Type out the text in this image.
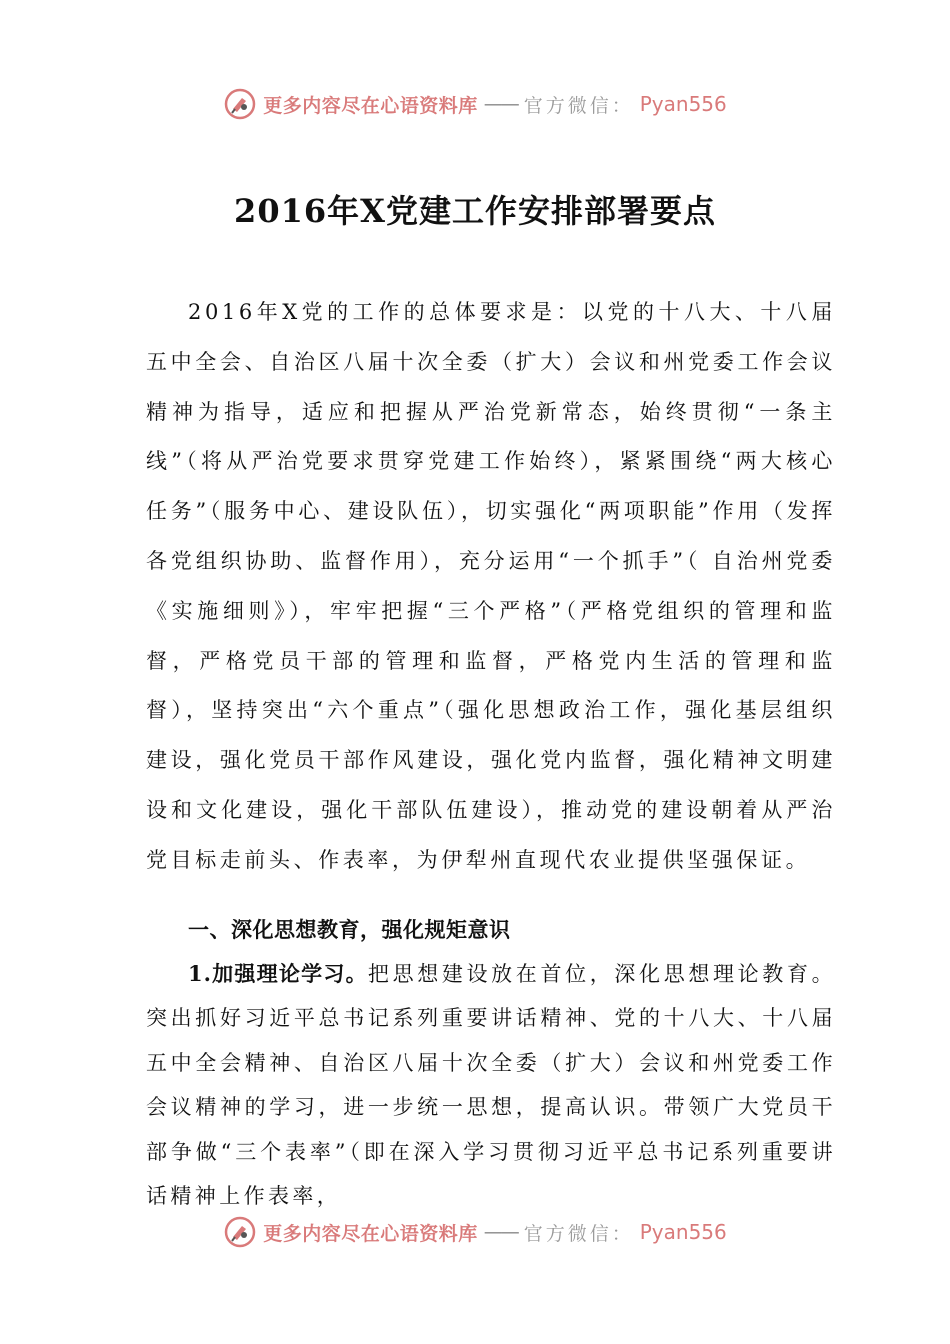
更多内容尽在心语资料库 —— 官方微信： Pyan556
2016年X党建工作安排部署要点

2016年X党的工作的总体要求是：以党的十八大、十八届五中全会、自治区八届十次全委（扩大）会议和州党委工作会议精神为指导，适应和把握从严治党新常态，始终贯彻“一条主线”（将从严治党要求贯穿党建工作始终），紧紧围绕“两大核心任务”（服务中心、建设队伍），切实强化“两项职能”作用（发挥各党组织协助、监督作用），充分运用“一个抓手”（ 自治州党委《实施细则》），牢牢把握“三个严格”（严格党组织的管理和监督，严格党员干部的管理和监督，严格党内生活的管理和监督），坚持突出“六个重点”（强化思想政治工作，强化基层组织建设，强化党员干部作风建设，强化党内监督，强化精神文明建设和文化建设，强化干部队伍建设），推动党的建设朝着从严治党目标走前头、作表率，为伊犁州直现代农业提供坚强保证。

一、深化思想教育，强化规矩意识

1.加强理论学习。把思想建设放在首位，深化思想理论教育。突出抓好习近平总书记系列重要讲话精神、党的十八大、十八届五中全会精神、自治区八届十次全委（扩大）会议和州党委工作会议精神的学习，进一步统一思想，提高认识。带领广大党员干部争做“三个表率”（即在深入学习贯彻习近平总书记系列重要讲话精神上作表率，

更多内容尽在心语资料库 —— 官方微信： Pyan556
